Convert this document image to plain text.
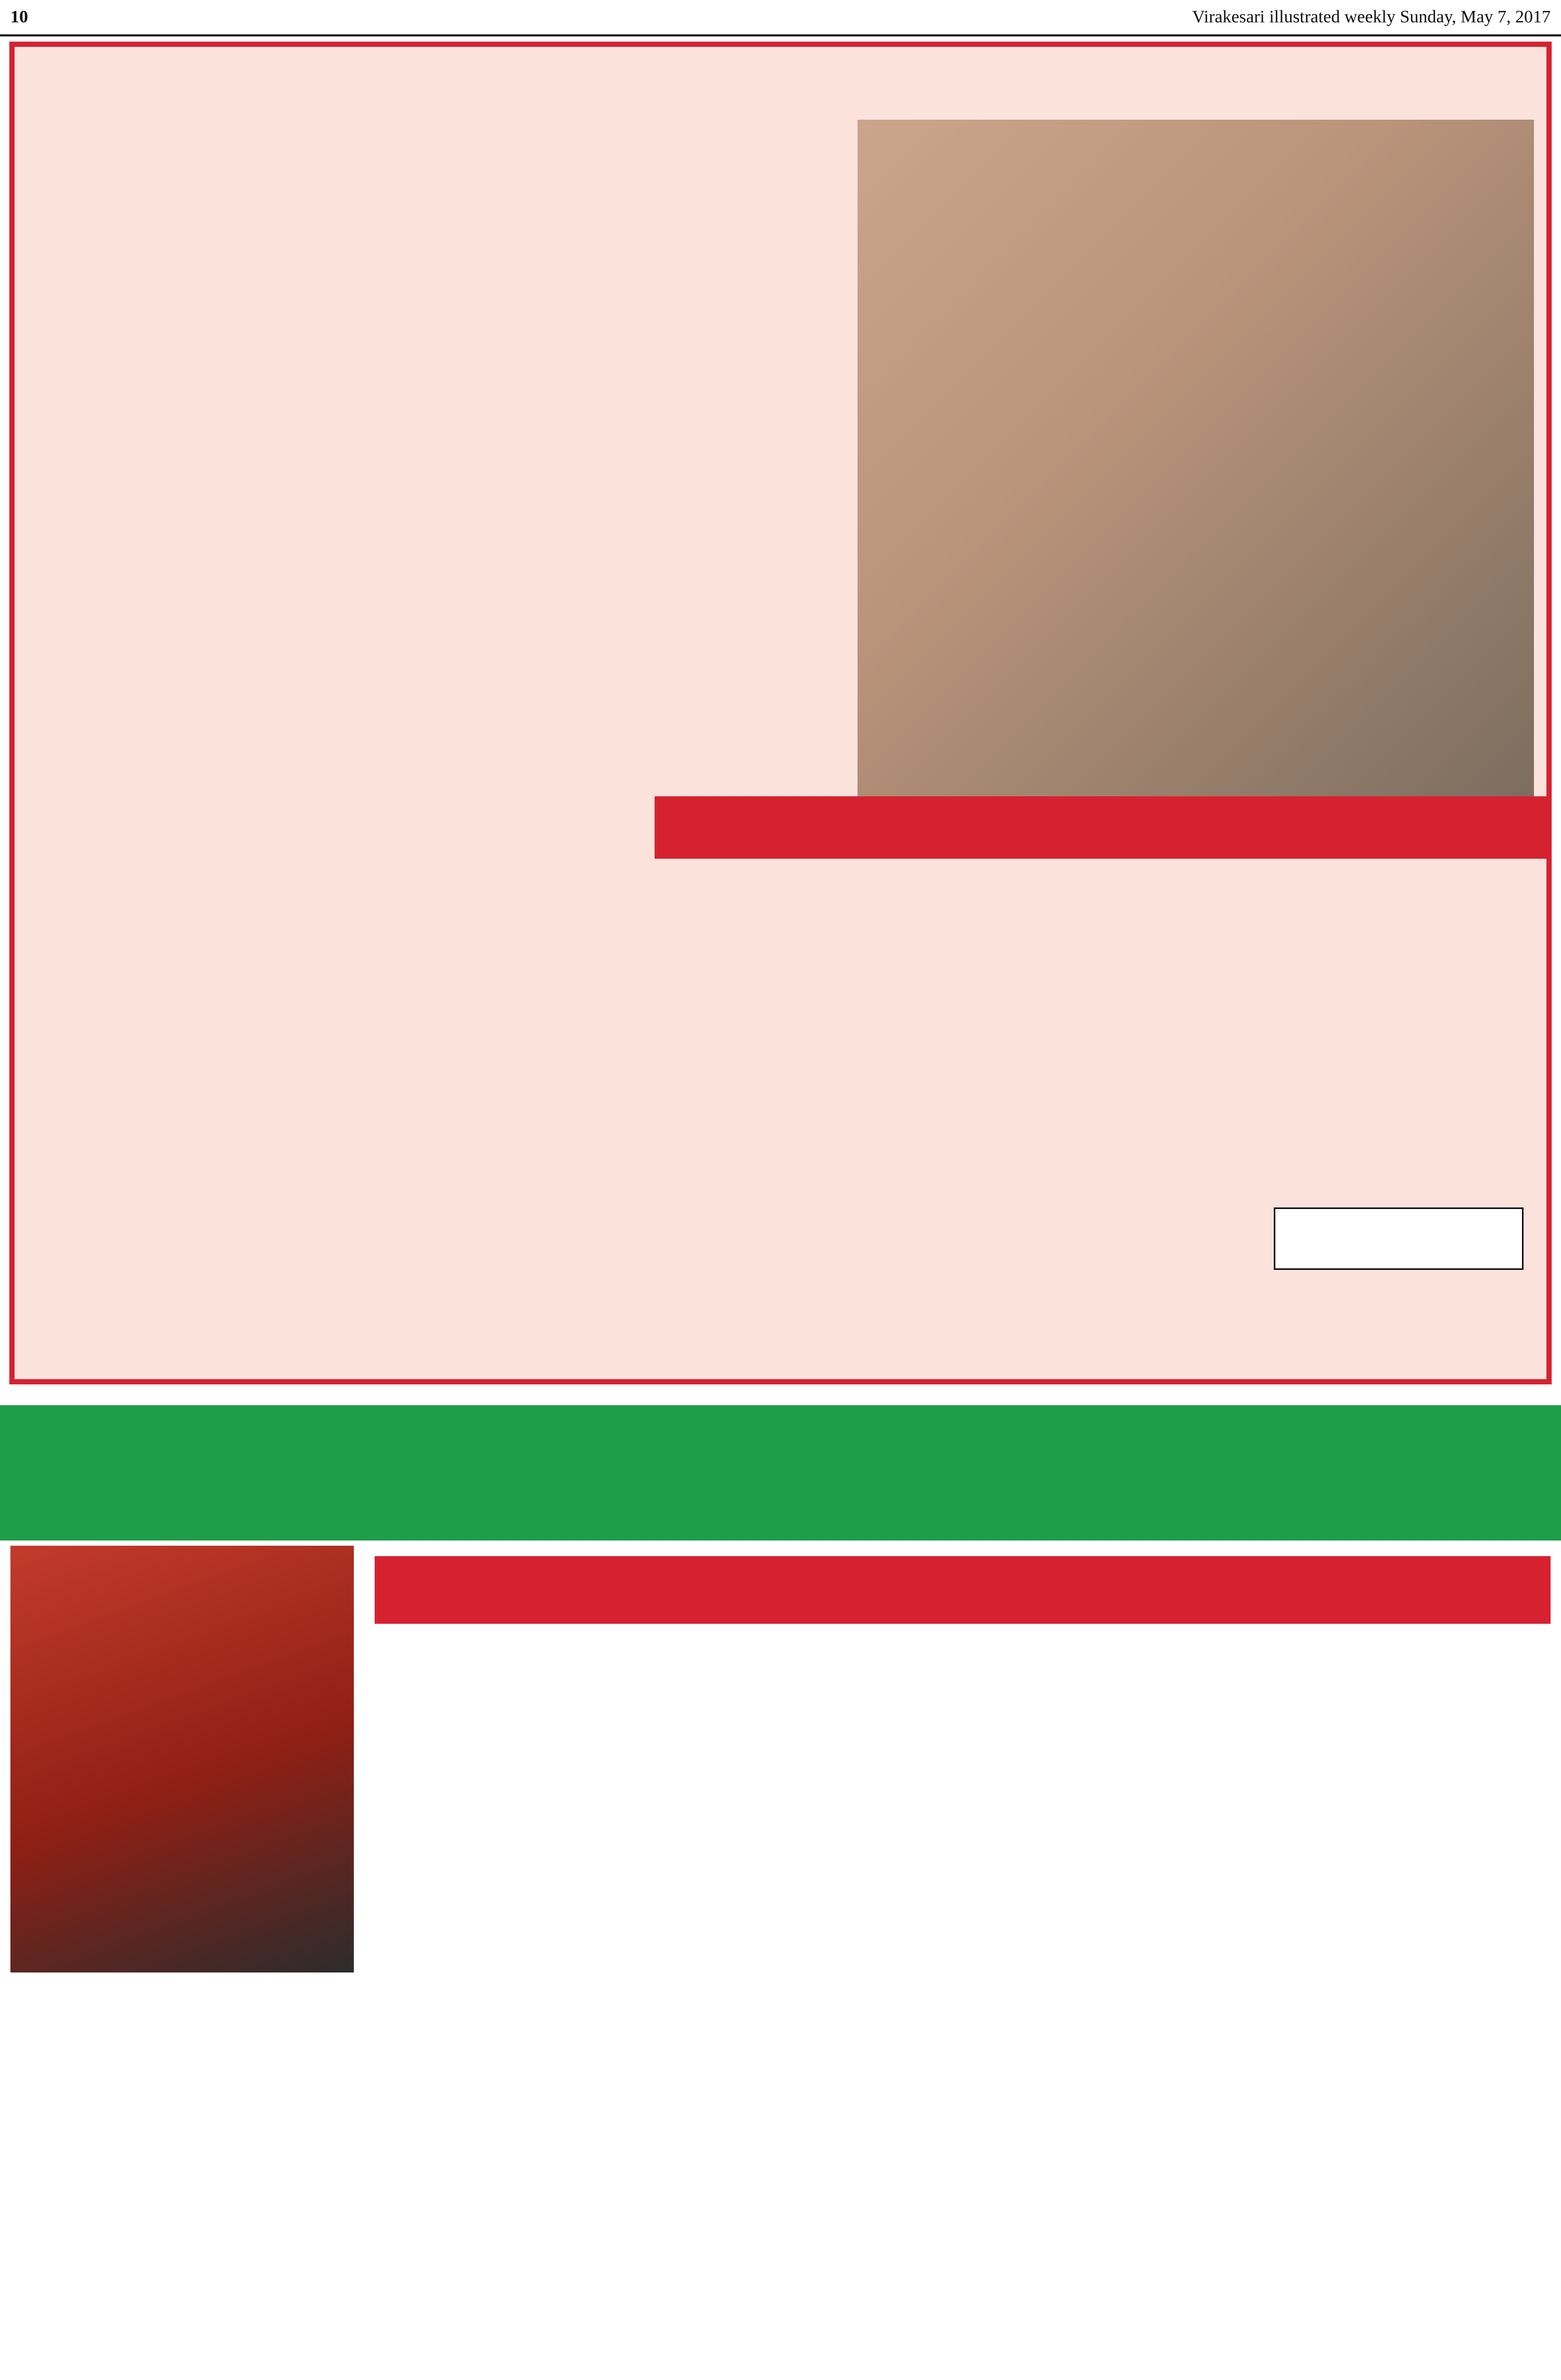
10	Virakesari illustrated weekly Sunday, May 7, 2017
